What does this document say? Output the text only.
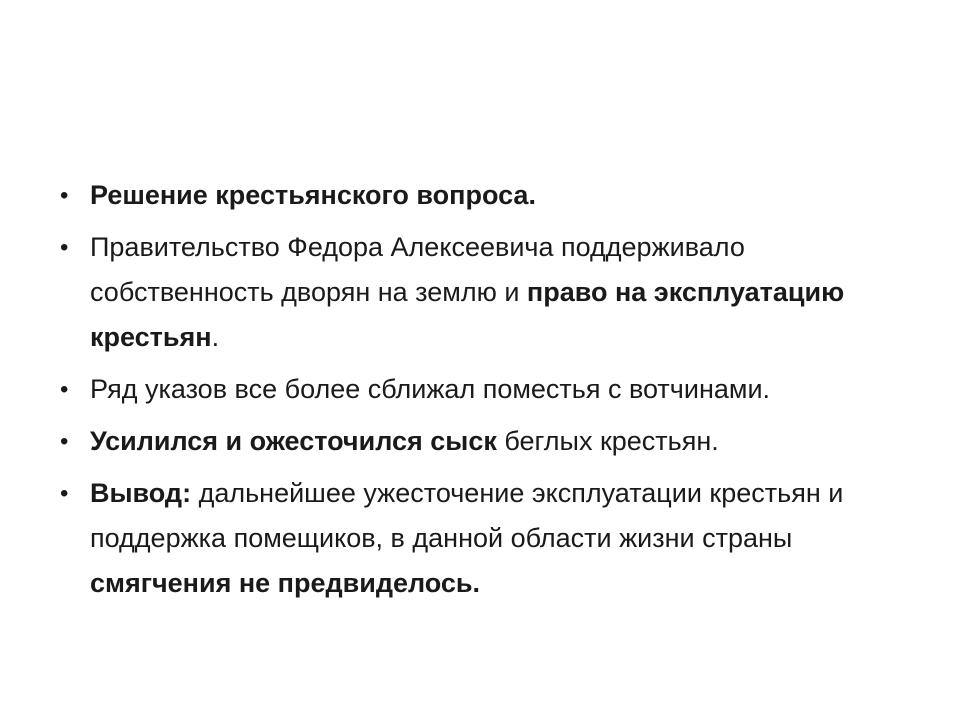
• Решение крестьянского вопроса.
• Правительство Федора Алексеевича поддерживало собственность дворян на землю и право на эксплуатацию крестьян.
• Ряд указов все более сближал поместья с вотчинами.
• Усилился и ожесточился сыск беглых крестьян.
• Вывод: дальнейшее ужесточение эксплуатации крестьян и поддержка помещиков, в данной области жизни страны смягчения не предвиделось.
